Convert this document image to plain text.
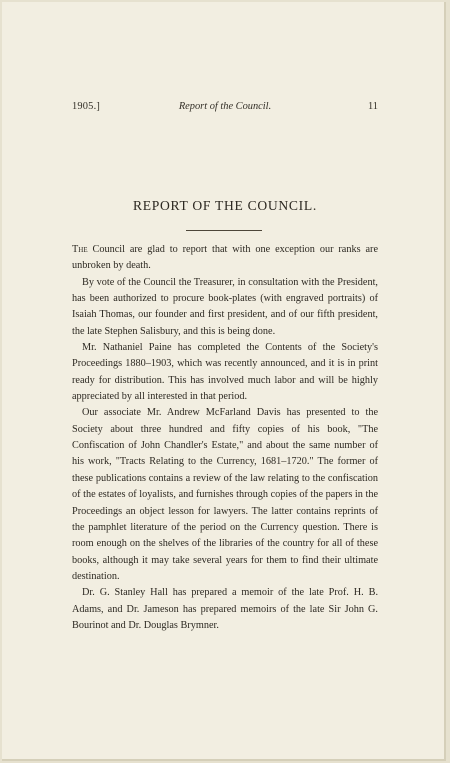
1905.]	Report of the Council.	11
REPORT OF THE COUNCIL.

The Council are glad to report that with one exception our ranks are unbroken by death.

By vote of the Council the Treasurer, in consultation with the President, has been authorized to procure book-plates (with engraved portraits) of Isaiah Thomas, our founder and first president, and of our fifth president, the late Stephen Salisbury, and this is being done.

Mr. Nathaniel Paine has completed the Contents of the Society's Proceedings 1880–1903, which was recently announced, and it is in print ready for distribution. This has involved much labor and will be highly appreciated by all interested in that period.

Our associate Mr. Andrew McFarland Davis has presented to the Society about three hundred and fifty copies of his book, "The Confiscation of John Chandler's Estate," and about the same number of his work, "Tracts Relating to the Currency, 1681–1720." The former of these publications contains a review of the law relating to the confiscation of the estates of loyalists, and furnishes through copies of the papers in the Proceedings an object lesson for lawyers. The latter contains reprints of the pamphlet literature of the period on the Currency question. There is room enough on the shelves of the libraries of the country for all of these books, although it may take several years for them to find their ultimate destination.

Dr. G. Stanley Hall has prepared a memoir of the late Prof. H. B. Adams, and Dr. Jameson has prepared memoirs of the late Sir John G. Bourinot and Dr. Douglas Brymner.
